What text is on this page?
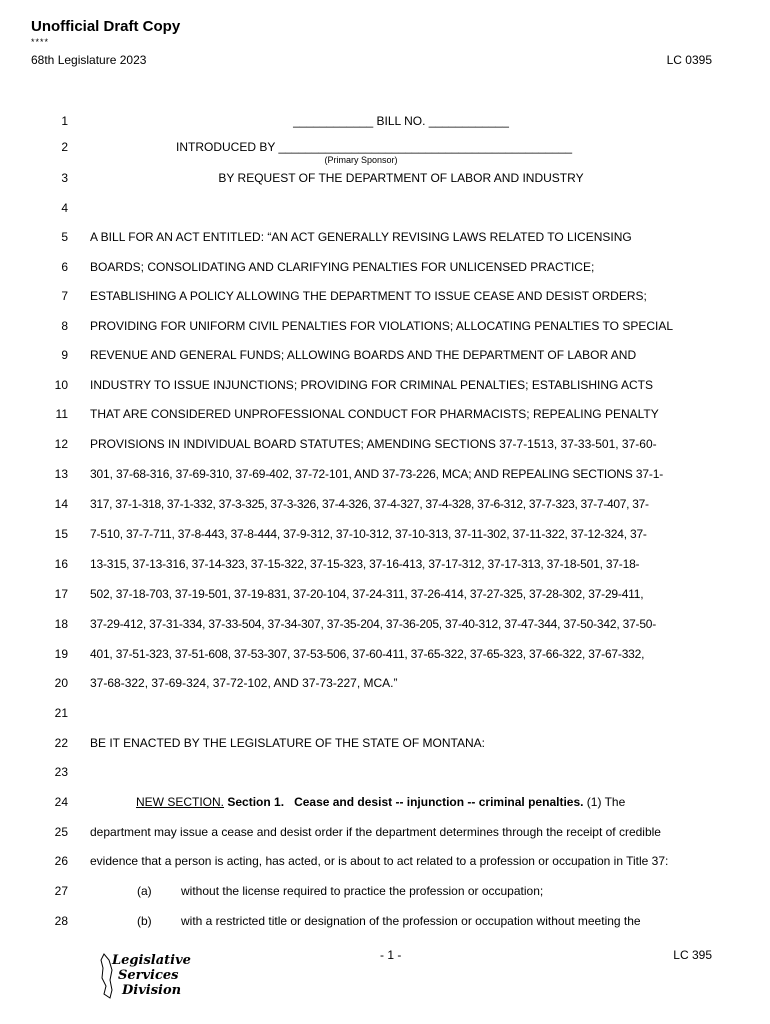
Unofficial Draft Copy
****
68th Legislature 2023	LC 0395
1
2
3
4
5
6
7
8
9
10
11
12
13
14
15
16
17
18
19
20
21
22
23
24
25
26
27
28
____________ BILL NO. ____________
INTRODUCED BY ____________________________________________
(Primary Sponsor)
BY REQUEST OF THE DEPARTMENT OF LABOR AND INDUSTRY
A BILL FOR AN ACT ENTITLED: “AN ACT GENERALLY REVISING LAWS RELATED TO LICENSING
BOARDS; CONSOLIDATING AND CLARIFYING PENALTIES FOR UNLICENSED PRACTICE;
ESTABLISHING A POLICY ALLOWING THE DEPARTMENT TO ISSUE CEASE AND DESIST ORDERS;
PROVIDING FOR UNIFORM CIVIL PENALTIES FOR VIOLATIONS; ALLOCATING PENALTIES TO SPECIAL
REVENUE AND GENERAL FUNDS; ALLOWING BOARDS AND THE DEPARTMENT OF LABOR AND
INDUSTRY TO ISSUE INJUNCTIONS; PROVIDING FOR CRIMINAL PENALTIES; ESTABLISHING ACTS
THAT ARE CONSIDERED UNPROFESSIONAL CONDUCT FOR PHARMACISTS; REPEALING PENALTY
PROVISIONS IN INDIVIDUAL BOARD STATUTES; AMENDING SECTIONS 37-7-1513, 37-33-501, 37-60-
301, 37-68-316, 37-69-310, 37-69-402, 37-72-101, AND 37-73-226, MCA; AND REPEALING SECTIONS 37-1-
317, 37-1-318, 37-1-332, 37-3-325, 37-3-326, 37-4-326, 37-4-327, 37-4-328, 37-6-312, 37-7-323, 37-7-407, 37-
7-510, 37-7-711, 37-8-443, 37-8-444, 37-9-312, 37-10-312, 37-10-313, 37-11-302, 37-11-322, 37-12-324, 37-
13-315, 37-13-316, 37-14-323, 37-15-322, 37-15-323, 37-16-413, 37-17-312, 37-17-313, 37-18-501, 37-18-
502, 37-18-703, 37-19-501, 37-19-831, 37-20-104, 37-24-311, 37-26-414, 37-27-325, 37-28-302, 37-29-411,
37-29-412, 37-31-334, 37-33-504, 37-34-307, 37-35-204, 37-36-205, 37-40-312, 37-47-344, 37-50-342, 37-50-
401, 37-51-323, 37-51-608, 37-53-307, 37-53-506, 37-60-411, 37-65-322, 37-65-323, 37-66-322, 37-67-332,
37-68-322, 37-69-324, 37-72-102, AND 37-73-227, MCA.”
BE IT ENACTED BY THE LEGISLATURE OF THE STATE OF MONTANA:
NEW SECTION. Section 1. Cease and desist -- injunction -- criminal penalties. (1) The
department may issue a cease and desist order if the department determines through the receipt of credible
evidence that a person is acting, has acted, or is about to act related to a profession or occupation in Title 37:
(a) without the license required to practice the profession or occupation;
(b) with a restricted title or designation of the profession or occupation without meeting the
- 1 -	LC 395
Legislative
Services
Division
